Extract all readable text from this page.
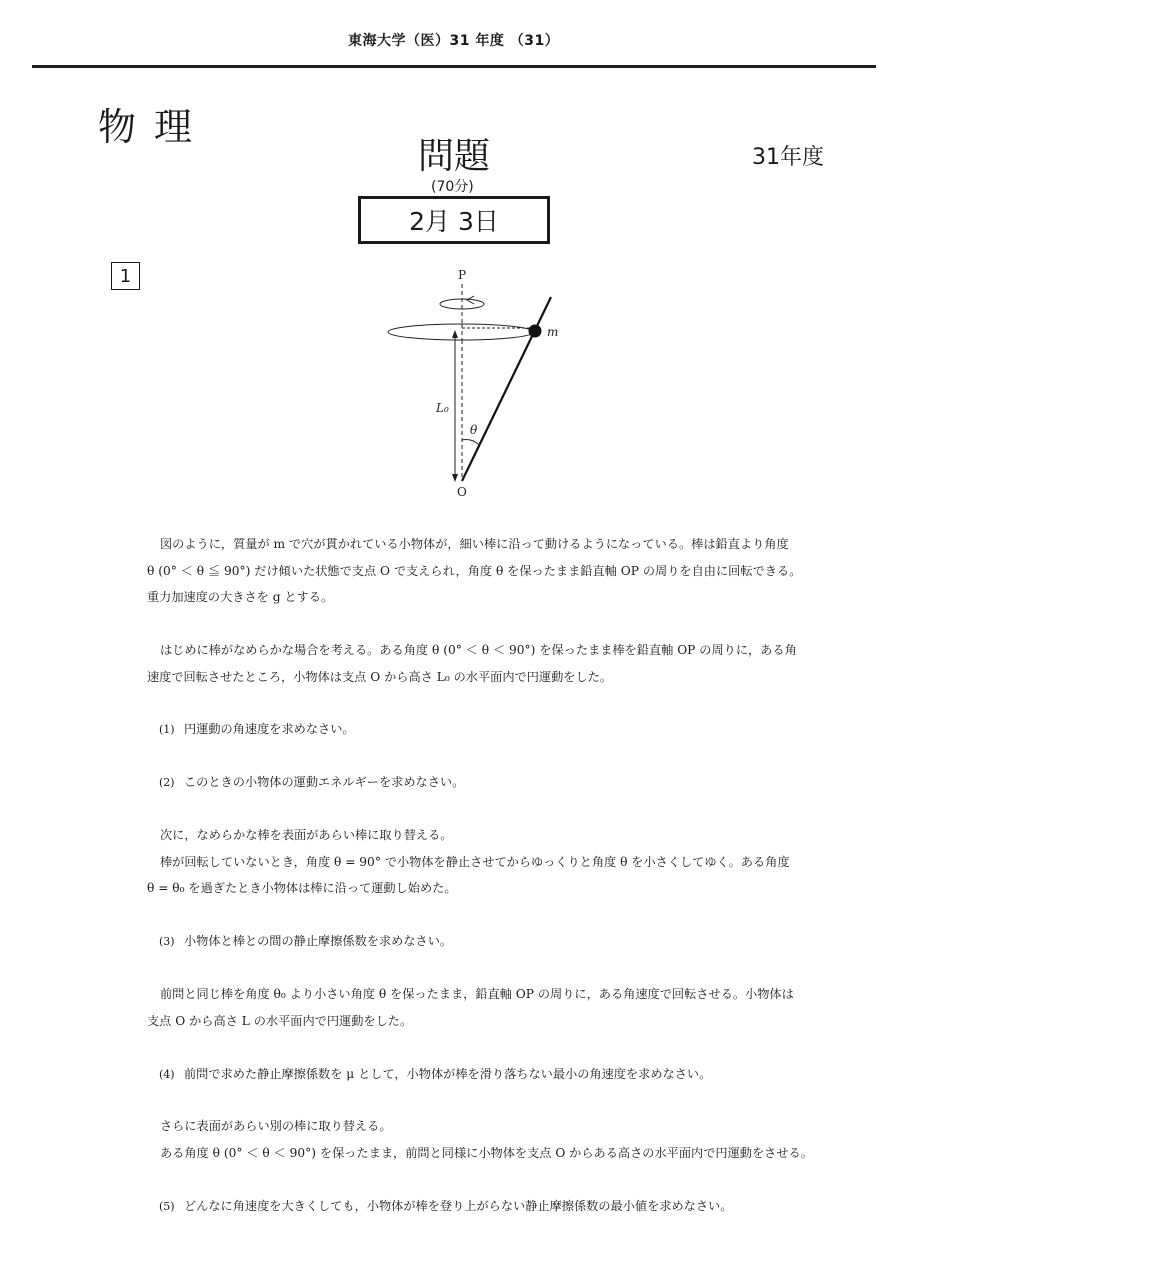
東海大学（医）31 年度 （31）
物理
問題	31年度
(70分)
2月 3日
1	P
O
m
L₀
θ
図のように，質量が m で穴が貫かれている小物体が，細い棒に沿って動けるようになっている。棒は鉛直より角度
θ (0° ＜ θ ≦ 90°) だけ傾いた状態で支点 O で支えられ，角度 θ を保ったまま鉛直軸 OP の周りを自由に回転できる。
重力加速度の大きさを g とする。
はじめに棒がなめらかな場合を考える。ある角度 θ (0° ＜ θ ＜ 90°) を保ったまま棒を鉛直軸 OP の周りに，ある角
速度で回転させたところ，小物体は支点 O から高さ L₀ の水平面内で円運動をした。
(1) 円運動の角速度を求めなさい。
(2) このときの小物体の運動エネルギーを求めなさい。
次に，なめらかな棒を表面があらい棒に取り替える。
棒が回転していないとき，角度 θ = 90° で小物体を静止させてからゆっくりと角度 θ を小さくしてゆく。ある角度
θ = θ₀ を過ぎたとき小物体は棒に沿って運動し始めた。
(3) 小物体と棒との間の静止摩擦係数を求めなさい。
前問と同じ棒を角度 θ₀ より小さい角度 θ を保ったまま，鉛直軸 OP の周りに，ある角速度で回転させる。小物体は
支点 O から高さ L の水平面内で円運動をした。
(4) 前問で求めた静止摩擦係数を μ として，小物体が棒を滑り落ちない最小の角速度を求めなさい。
さらに表面があらい別の棒に取り替える。
ある角度 θ (0° ＜ θ ＜ 90°) を保ったまま，前問と同様に小物体を支点 O からある高さの水平面内で円運動をさせる。
(5) どんなに角速度を大きくしても，小物体が棒を登り上がらない静止摩擦係数の最小値を求めなさい。
